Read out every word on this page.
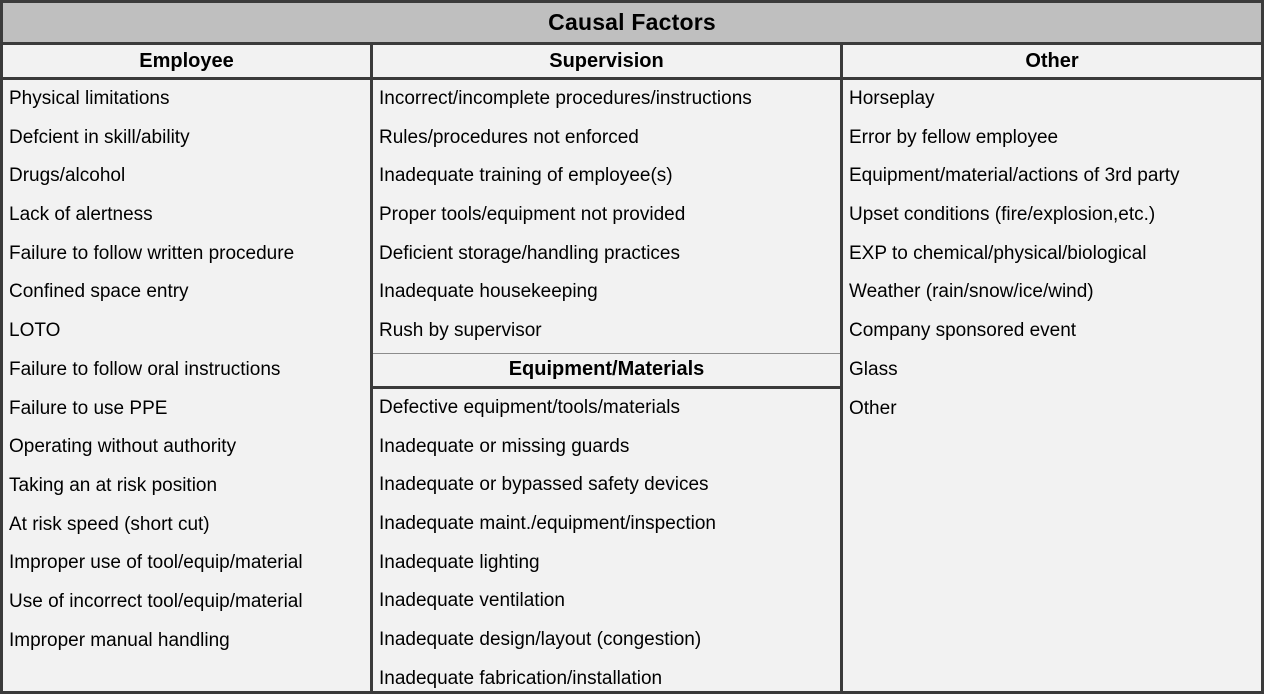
Causal Factors
Employee
Physical limitations
Defcient in skill/ability
Drugs/alcohol
Lack of alertness
Failure to follow written procedure
Confined space entry
LOTO
Failure to follow oral instructions
Failure to use PPE
Operating without authority
Taking an at risk position
At risk speed (short cut)
Improper use of tool/equip/material
Use of incorrect tool/equip/material
Improper manual handling
Supervision
Incorrect/incomplete procedures/instructions
Rules/procedures not enforced
Inadequate training of employee(s)
Proper tools/equipment not provided
Deficient storage/handling practices
Inadequate housekeeping
Rush by supervisor
Equipment/Materials
Defective equipment/tools/materials
Inadequate or missing guards
Inadequate or bypassed safety devices
Inadequate maint./equipment/inspection
Inadequate lighting
Inadequate ventilation
Inadequate design/layout (congestion)
Inadequate fabrication/installation
Other
Horseplay
Error by fellow employee
Equipment/material/actions of 3rd party
Upset conditions (fire/explosion,etc.)
EXP to chemical/physical/biological
Weather (rain/snow/ice/wind)
Company sponsored event
Glass
Other
